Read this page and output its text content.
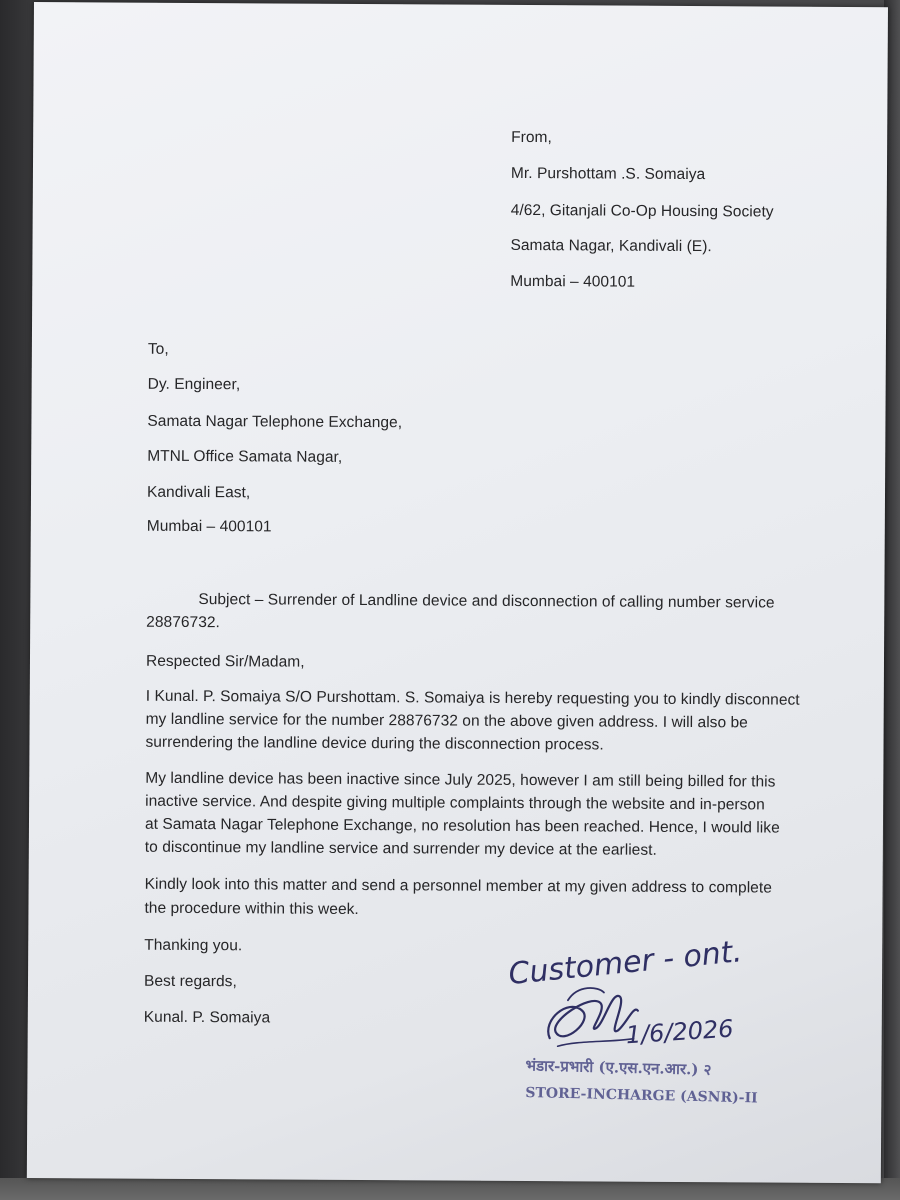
From,
Mr. Purshottam .S. Somaiya
4/62, Gitanjali Co-Op Housing Society
Samata Nagar, Kandivali (E).
Mumbai – 400101
To,
Dy. Engineer,
Samata Nagar Telephone Exchange,
MTNL Office Samata Nagar,
Kandivali East,
Mumbai – 400101
Subject – Surrender of Landline device and disconnection of calling number service
28876732.
Respected Sir/Madam,
I Kunal. P. Somaiya S/O Purshottam. S. Somaiya is hereby requesting you to kindly disconnect
my landline service for the number 28876732 on the above given address. I will also be
surrendering the landline device during the disconnection process.
My landline device has been inactive since July 2025, however I am still being billed for this
inactive service. And despite giving multiple complaints through the website and in-person
at Samata Nagar Telephone Exchange, no resolution has been reached. Hence, I would like
to discontinue my landline service and surrender my device at the earliest.
Kindly look into this matter and send a personnel member at my given address to complete
the procedure within this week.
Thanking you.
Best regards,
Kunal. P. Somaiya
Customer - ont.
1/6/2026
भंडार-प्रभारी (ए.एस.एन.आर.) २
STORE-INCHARGE (ASNR)-II
